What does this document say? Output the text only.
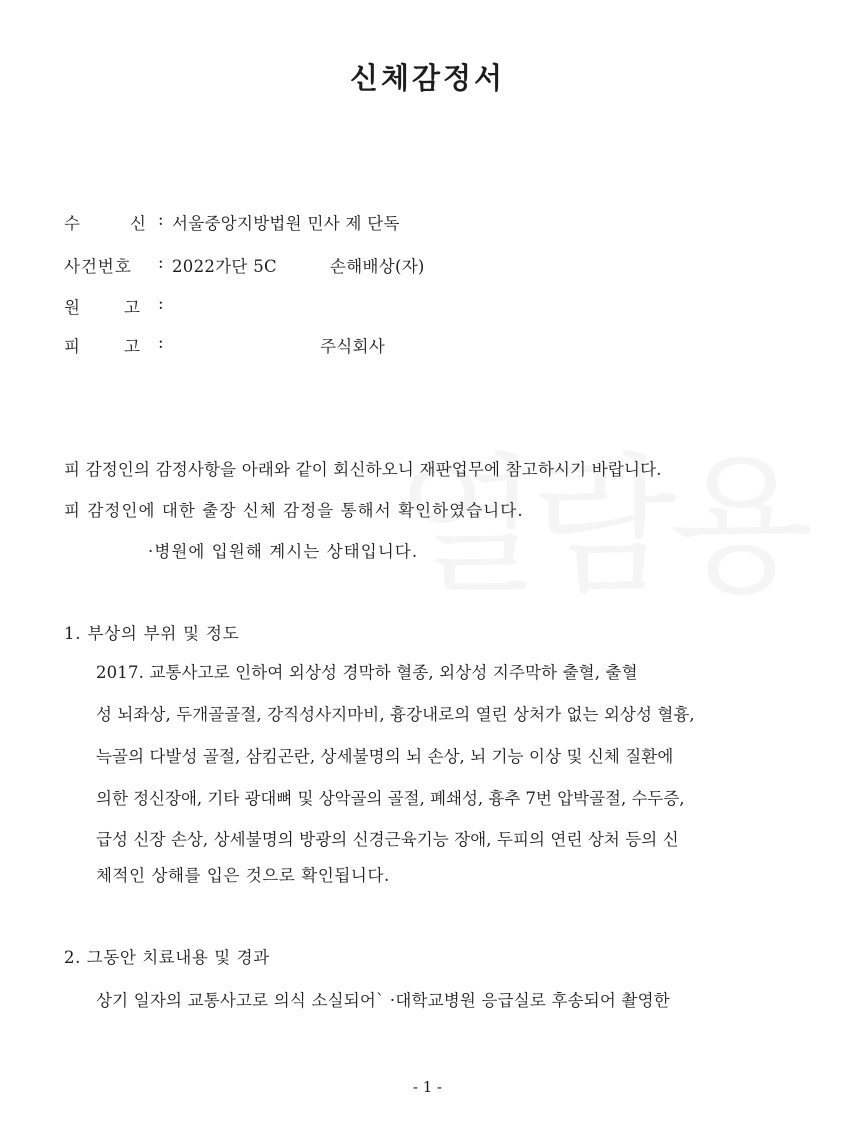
신체감정서
수	신 : 서울중앙지방법원 민사 제 단독
사건번호 : 2022가단 5C	손해배상(자)
원	고 :
피	고 :	주식회사
피 감정인의 감정사항을 아래와 같이 회신하오니 재판업무에 참고하시기 바랍니다.
피 감정인에 대한 출장 신체 감정을 통해서 확인하였습니다.
·병원에 입원해 계시는 상태입니다.
1. 부상의 부위 및 정도
2017. 교통사고로 인하여 외상성 경막하 혈종, 외상성 지주막하 출혈, 출혈
성 뇌좌상, 두개골골절, 강직성사지마비, 흉강내로의 열린 상처가 없는 외상성 혈흉,
늑골의 다발성 골절, 삼킴곤란, 상세불명의 뇌 손상, 뇌 기능 이상 및 신체 질환에
의한 정신장애, 기타 광대뼈 및 상악골의 골절, 폐쇄성, 흉추 7번 압박골절, 수두증,
급성 신장 손상, 상세불명의 방광의 신경근육기능 장애, 두피의 연린 상처 등의 신
체적인 상해를 입은 것으로 확인됩니다.
2. 그동안 치료내용 및 경과
상기 일자의 교통사고로 의식 소실되어` ·대학교병원 응급실로 후송되어 촬영한
- 1 -
